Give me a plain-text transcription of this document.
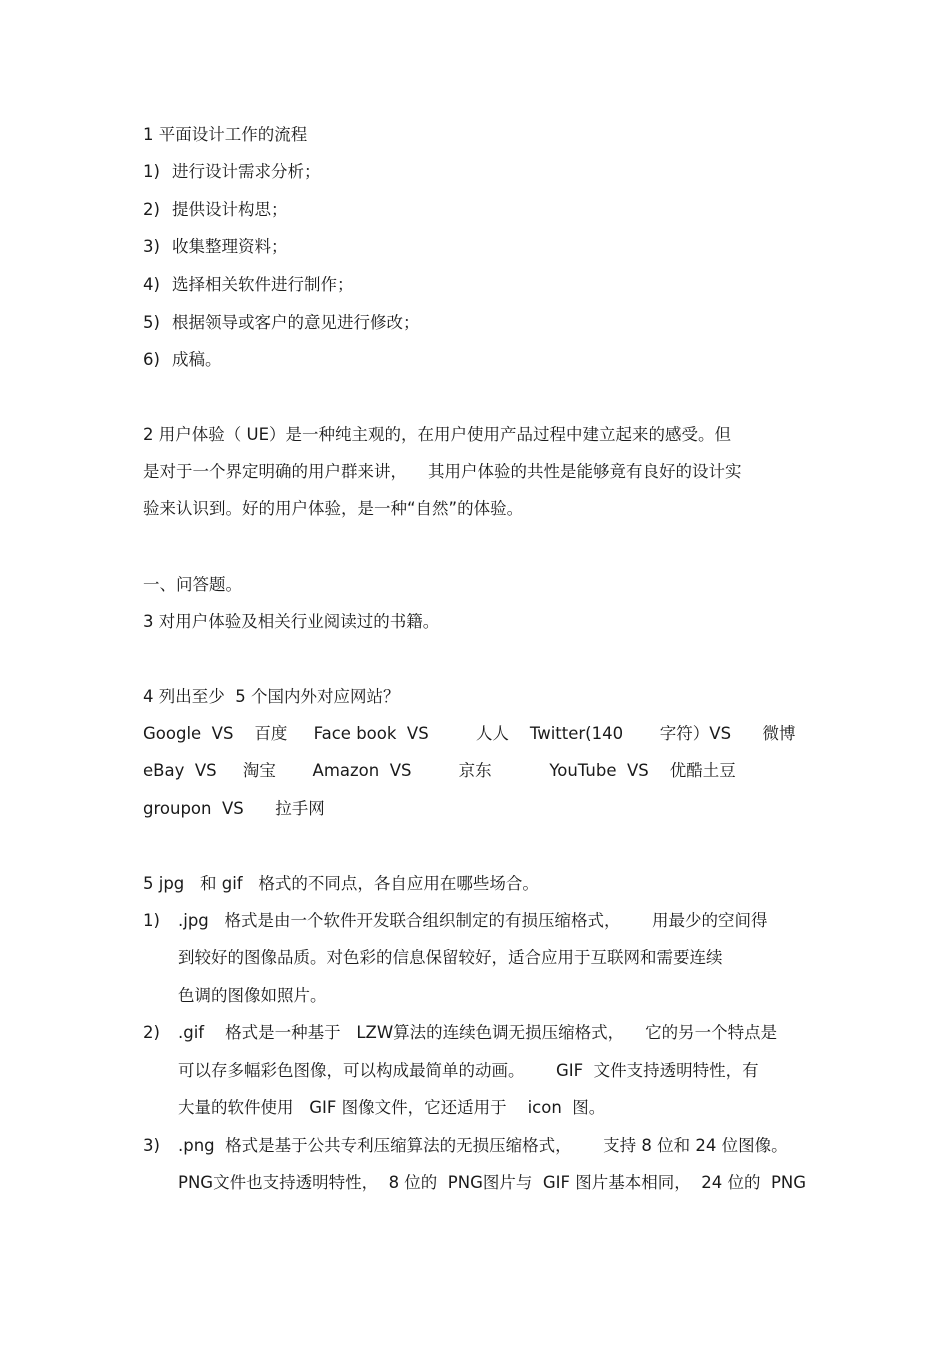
1 平面设计工作的流程
1) 进行设计需求分析；
2) 提供设计构思；
3) 收集整理资料；
4) 选择相关软件进行制作；
5) 根据领导或客户的意见进行修改；
6) 成稿。
2 用户体验（ UE）是一种纯主观的，在用户使用产品过程中建立起来的感受。但
是对于一个界定明确的用户群来讲，    其用户体验的共性是能够竟有良好的设计实
验来认识到。好的用户体验，是一种“自然”的体验。
一、问答题。
3 对用户体验及相关行业阅读过的书籍。
4 列出至少  5 个国内外对应网站？
Google  VS    百度     Face book  VS         人人    Twitter(140       字符）VS      微博
eBay  VS     淘宝       Amazon  VS         京东           YouTube  VS    优酷土豆
groupon  VS      拉手网
5 jpg   和 gif   格式的不同点，各自应用在哪些场合。
1) .jpg   格式是由一个软件开发联合组织制定的有损压缩格式，      用最少的空间得
到较好的图像品质。对色彩的信息保留较好，适合应用于互联网和需要连续
色调的图像如照片。
2) .gif    格式是一种基于   LZW算法的连续色调无损压缩格式，    它的另一个特点是
可以存多幅彩色图像，可以构成最简单的动画。      GIF  文件支持透明特性，有
大量的软件使用   GIF 图像文件，它还适用于    icon  图。
3) .png  格式是基于公共专利压缩算法的无损压缩格式，      支持 8 位和 24 位图像。
PNG文件也支持透明特性，  8 位的  PNG图片与  GIF 图片基本相同，  24 位的  PNG
